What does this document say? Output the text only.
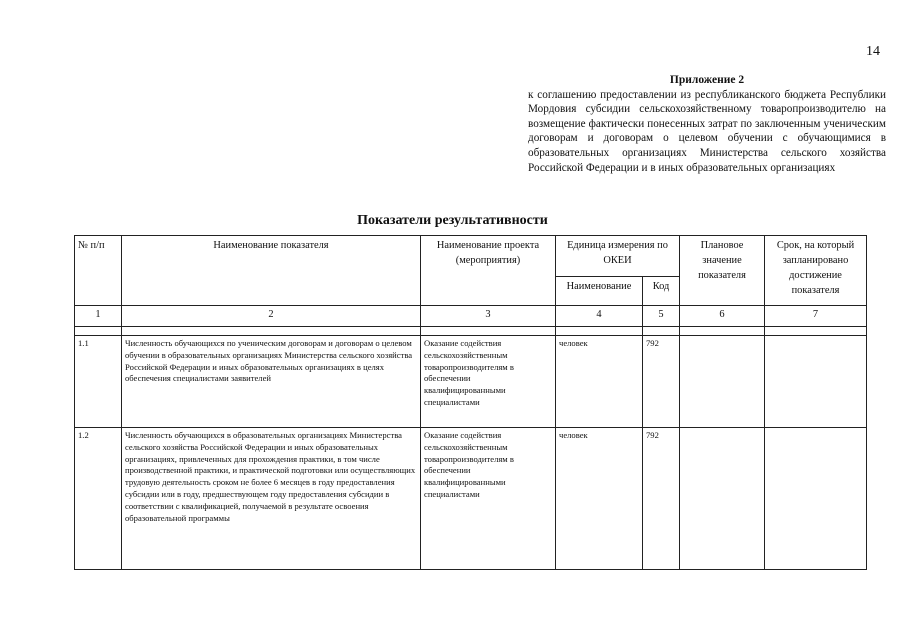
14
Приложение 2
к соглашению предоставлении из республиканского бюджета Республики Мордовия субсидии сельскохозяйственному товаропроизводителю на возмещение фактически понесенных затрат по заключенным ученическим договорам и договорам о целевом обучении с обучающимися в образовательных организациях Министерства сельского хозяйства Российской Федерации и в иных образовательных организациях
Показатели результативности
№ п/п	Наименование показателя	Наименование проекта (мероприятия)	Единица измерения по ОКЕИ		Плановое значение показателя	Срок, на который запланировано достижение показателя
			Наименование	Код		
1	2	3	4	5	6	7

1.1	Численность обучающихся по ученическим договорам и договорам о целевом обучении в образовательных организациях Министерства сельского хозяйства Российской Федерации и иных образовательных организациях в целях обеспечения специалистами заявителей	Оказание содействия сельскохозяйственным товаропроизводителям в обеспечении квалифицированными специалистами	человек	792		
1.2	Численность обучающихся в образовательных организациях Министерства сельского хозяйства Российской Федерации и иных образовательных организациях, привлеченных для прохождения практики, в том числе производственной практики, и практической подготовки или осуществляющих трудовую деятельность сроком не более 6 месяцев в году предоставления субсидии или в году, предшествующем году предоставления субсидии в соответствии с квалификацией, получаемой в результате освоения образовательной программы	Оказание содействия сельскохозяйственным товаропроизводителям в обеспечении квалифицированными специалистами	человек	792		
